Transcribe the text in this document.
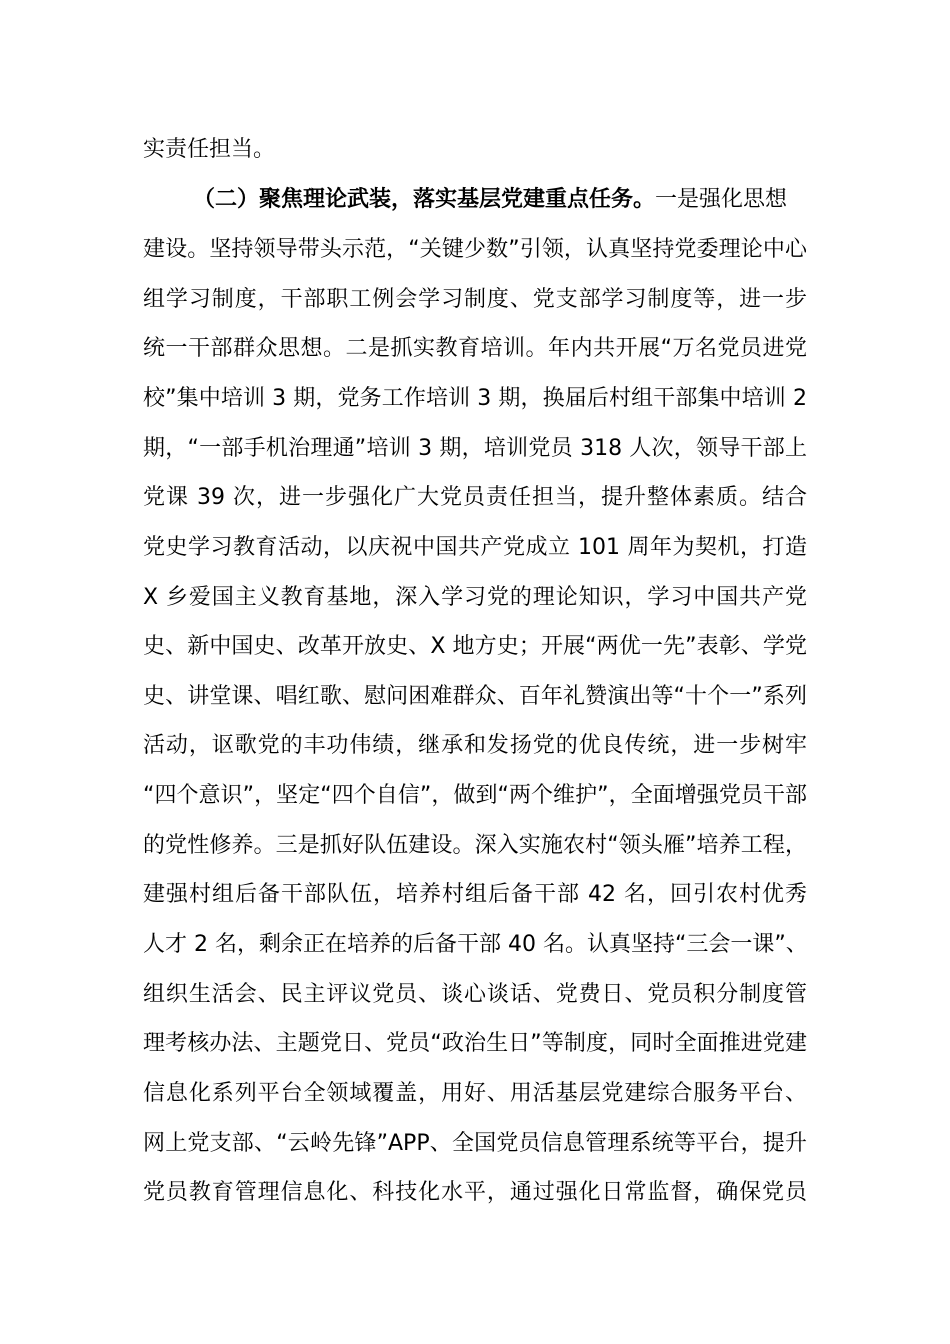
实责任担当。
（二）聚焦理论武装，落实基层党建重点任务。一是强化思想
建设。坚持领导带头示范，“关键少数”引领，认真坚持党委理论中心
组学习制度，干部职工例会学习制度、党支部学习制度等，进一步
统一干部群众思想。二是抓实教育培训。年内共开展“万名党员进党
校”集中培训 3 期，党务工作培训 3 期，换届后村组干部集中培训 2
期，“一部手机治理通”培训 3 期，培训党员 318 人次，领导干部上
党课 39 次，进一步强化广大党员责任担当，提升整体素质。结合
党史学习教育活动，以庆祝中国共产党成立 101 周年为契机，打造
X 乡爱国主义教育基地，深入学习党的理论知识，学习中国共产党
史、新中国史、改革开放史、X 地方史；开展“两优一先”表彰、学党
史、讲堂课、唱红歌、慰问困难群众、百年礼赞演出等“十个一”系列
活动，讴歌党的丰功伟绩，继承和发扬党的优良传统，进一步树牢
“四个意识”，坚定“四个自信”，做到“两个维护”，全面增强党员干部
的党性修养。三是抓好队伍建设。深入实施农村“领头雁”培养工程，
建强村组后备干部队伍，培养村组后备干部 42 名，回引农村优秀
人才 2 名，剩余正在培养的后备干部 40 名。认真坚持“三会一课”、
组织生活会、民主评议党员、谈心谈话、党费日、党员积分制度管
理考核办法、主题党日、党员“政治生日”等制度，同时全面推进党建
信息化系列平台全领域覆盖，用好、用活基层党建综合服务平台、
网上党支部、“云岭先锋”APP、全国党员信息管理系统等平台，提升
党员教育管理信息化、科技化水平，通过强化日常监督，确保党员
